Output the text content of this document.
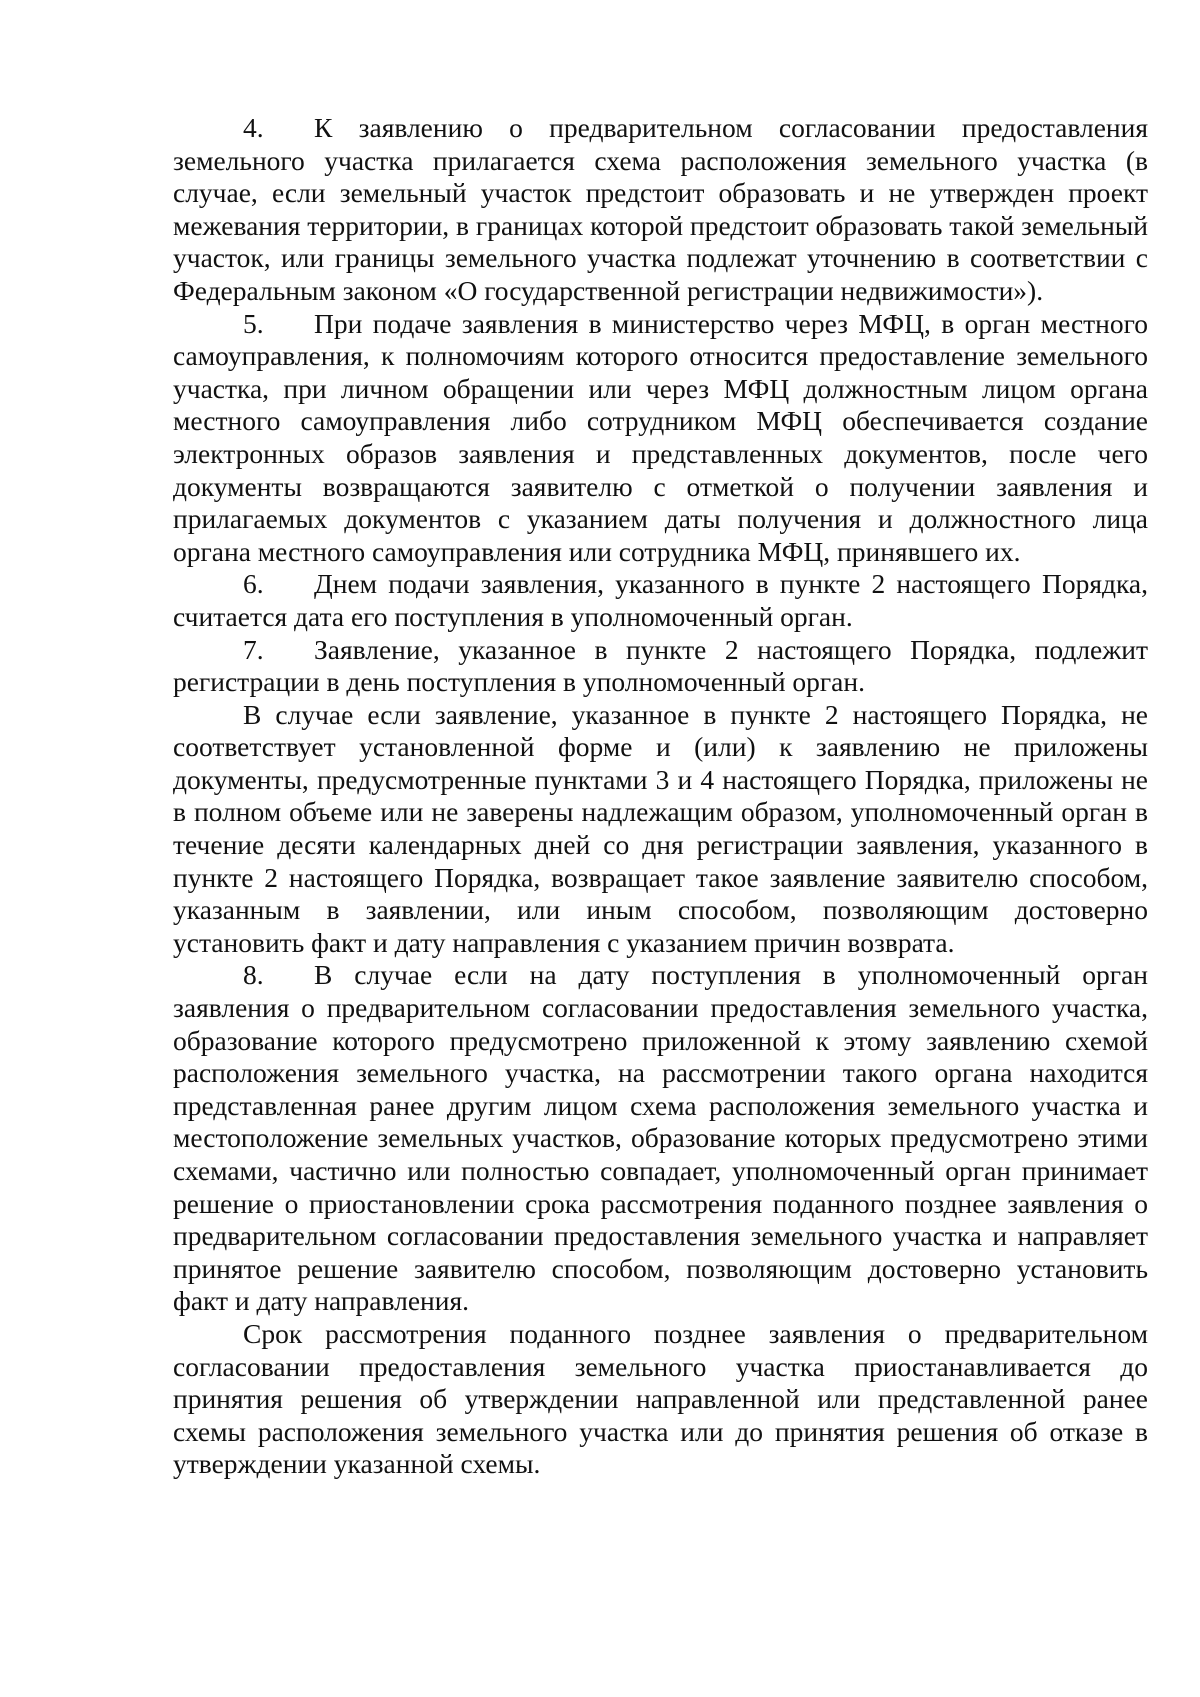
4. К заявлению о предварительном согласовании предоставления земельного участка прилагается схема расположения земельного участка (в случае, если земельный участок предстоит образовать и не утвержден проект межевания территории, в границах которой предстоит образовать такой земельный участок, или границы земельного участка подлежат уточнению в соответствии с Федеральным законом «О государственной регистрации недвижимости»).

5. При подаче заявления в министерство через МФЦ, в орган местного самоуправления, к полномочиям которого относится предоставление земельного участка, при личном обращении или через МФЦ должностным лицом органа местного самоуправления либо сотрудником МФЦ обеспечивается создание электронных образов заявления и представленных документов, после чего документы возвращаются заявителю с отметкой о получении заявления и прилагаемых документов с указанием даты получения и должностного лица органа местного самоуправления или сотрудника МФЦ, принявшего их.

6. Днем подачи заявления, указанного в пункте 2 настоящего Порядка, считается дата его поступления в уполномоченный орган.

7. Заявление, указанное в пункте 2 настоящего Порядка, подлежит регистрации в день поступления в уполномоченный орган.

В случае если заявление, указанное в пункте 2 настоящего Порядка, не соответствует установленной форме и (или) к заявлению не приложены документы, предусмотренные пунктами 3 и 4 настоящего Порядка, приложены не в полном объеме или не заверены надлежащим образом, уполномоченный орган в течение десяти календарных дней со дня регистрации заявления, указанного в пункте 2 настоящего Порядка, возвращает такое заявление заявителю способом, указанным в заявлении, или иным способом, позволяющим достоверно установить факт и дату направления с указанием причин возврата.

8. В случае если на дату поступления в уполномоченный орган заявления о предварительном согласовании предоставления земельного участка, образование которого предусмотрено приложенной к этому заявлению схемой расположения земельного участка, на рассмотрении такого органа находится представленная ранее другим лицом схема расположения земельного участка и местоположение земельных участков, образование которых предусмотрено этими схемами, частично или полностью совпадает, уполномоченный орган принимает решение о приостановлении срока рассмотрения поданного позднее заявления о предварительном согласовании предоставления земельного участка и направляет принятое решение заявителю способом, позволяющим достоверно установить факт и дату направления.

Срок рассмотрения поданного позднее заявления о предварительном согласовании предоставления земельного участка приостанавливается до принятия решения об утверждении направленной или представленной ранее схемы расположения земельного участка или до принятия решения об отказе в утверждении указанной схемы.
